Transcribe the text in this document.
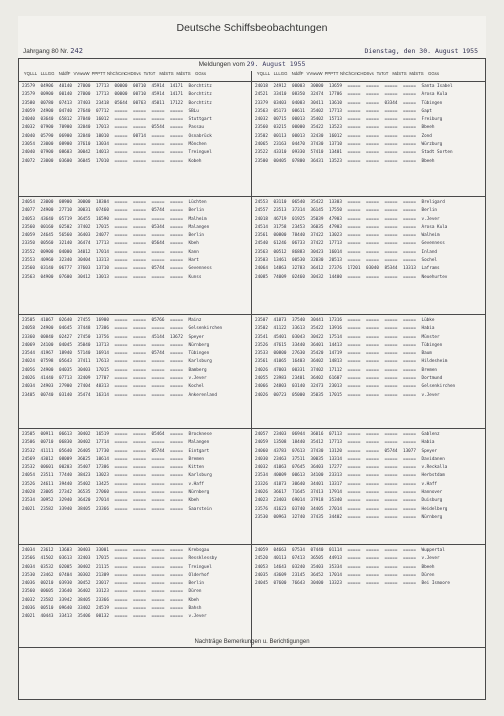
Deutsche Schiffsbeobachtungen
Jahrgang 80 Nr. 242	Dienstag, den 30. August 1955
Meldungen vom 29. August 1955
YQLLL LLLGG NddfF VVwwW PPPTT NhChCmCHDSvs ToToT MdSTS MdSTS GGss	YQLLL LLLGG NddfF VVwwW PPPTT NhChCmCHDSvs ToToT MdSTS MdSTS GGss
23579 04906 40140 27000 17713 00000 00710 45914 14171 Borchtitz
23579 00900 00140 27000 17713 00000 00710 45914 14171 Borchtitz
23580 00780 07413 37403 23418 05644 00763 45011 17122 Borchtitz
24059 24900 04740 27640 07712 ===== ===== ===== ===== SBLu
24040 03640 65812 37040 16012 ===== ===== ===== ===== Stuttgart
24032 07900 70900 32040 17013 ===== ===== 05544 ===== Passau
24040 05790 06900 32040 10010 ===== 00714 ===== ===== Osnabrück
23054 23000 08900 37610 13034 ===== ===== ===== ===== Mönchen
24040 07900 08603 30042 14013 ===== ===== ===== ===== Treinguel
24072 23000 03600 36045 17010 ===== ===== ===== ===== Kobeh
24054 23000 08900 30000 18304 ===== ===== ===== ===== Lüchten
24077 24900 27710 30031 07460 ===== ===== 05744 ===== Berlin
24053 43640 05719 36455 16590 ===== ===== ===== ===== Malheim
23560 00160 02502 37402 17015 ===== ===== 05344 ===== Malangen
24059 24645 56560 36403 24077 ===== ===== ===== ===== Berlin
23350 00560 32140 36474 17713 ===== ===== 05644 ===== Kbeh
23552 00900 04000 34012 17014 ===== ===== ===== ===== Kann
23553 40960 32340 30404 13313 ===== ===== ===== ===== Hart
23560 03140 06777 37603 13710 ===== ===== 05744 ===== Gevenness
23563 04900 07600 30412 13013 ===== ===== ===== ===== Kunss
23505 41067 02640 27455 16900 ===== ===== 05766 ===== Mainz
24058 24900 04645 37448 17306 ===== ===== ===== ===== Gelsenkirchen
23360 00840 02427 27450 13756 ===== ===== 45144 13672 Speyer
24069 24100 04045 35040 13713 ===== ===== ===== ===== Nürnberg
23544 41967 18940 57140 16914 ===== ===== 05744 ===== Tübingen
24024 07598 05643 37411 17613 ===== ===== ===== ===== Karlsburg
24056 24900 04035 30403 17015 ===== ===== ===== ===== Bamberg
24026 41440 07713 32409 17707 ===== ===== ===== ===== v.Jever
24034 24903 27900 27404 40313 ===== ===== ===== ===== Kochel
23405 00740 03140 35474 16314 ===== ===== ===== ===== Ankerenland
23505 00911 06613 30402 16519 ===== ===== 05464 ===== Brocknese
23506 00710 06830 30402 17714 ===== ===== ===== ===== Malangen
23532 41111 05640 26405 17730 ===== ===== 05744 ===== Eintgart
24569 43012 08009 36025 10614 ===== ===== ===== ===== Bremen
23532 00601 00203 35407 17306 ===== ===== ===== ===== Kitten
24054 23511 77440 38423 13023 ===== ===== ===== ===== Karlsburg
23526 24611 39440 35402 13425 ===== ===== ===== ===== v.Haff
24028 23005 27342 36535 27060 ===== ===== ===== ===== Nürnberg
23534 30952 32940 36420 27014 ===== ===== ===== ===== Kbeh
24021 23582 33940 38405 23366 ===== ===== ===== ===== Saarstein
24034 23612 13603 30403 33001 ===== ===== ===== ===== Krebsgau
23566 41502 03613 32403 17015 ===== ===== ===== ===== Ressklessby
24034 03532 02005 30402 21115 ===== ===== ===== ===== Treinguel
23530 23462 07404 30302 21309 ===== ===== ===== ===== Olderhof
24036 00210 03930 30452 23017 ===== ===== ===== ===== Berlin
23560 00605 23640 36402 33123 ===== ===== ===== ===== Düren
24032 23582 33942 38405 23366 ===== ===== ===== ===== Kbeh
24036 00510 09640 33402 24519 ===== ===== ===== ===== Bahsh
24021 40443 33413 35406 00132 ===== ===== ===== ===== v.Jever
24018 24912 00003 30000 13659 ===== ===== ===== ===== Santa Isabel
24521 33410 08350 32474 17706 ===== ===== ===== ===== Arosa Kula
23379 03403 04003 30411 13610 ===== ===== 03344 ===== Tübingen
23563 05173 08611 35402 17713 ===== ===== ===== ===== Gapt
24032 00715 00013 35402 15713 ===== ===== ===== ===== Freiburg
23560 03215 00000 35422 13523 ===== ===== ===== ===== Bbeeh
23502 00113 00013 32430 16012 ===== ===== ===== ===== Zond
24065 23163 04470 37430 13710 ===== ===== ===== ===== Würzburg
23522 43310 09330 57410 13401 ===== ===== ===== ===== Stadt Sorten
23500 00405 07800 36431 13523 ===== ===== ===== ===== Bbeeh
24553 03110 06540 35422 13303 ===== ===== ===== ===== Breligard
24557 23513 37314 36145 17550 ===== ===== ===== ===== Berlin
24018 46719 01925 35039 47903 ===== ===== ===== ===== v.Jever
24514 31758 23453 36035 47903 ===== ===== ===== ===== Arosa Kula
23561 00800 78440 37422 13023 ===== ===== ===== ===== Walheim
24540 61246 06733 37422 17713 ===== ===== ===== ===== Gevenness
23563 00512 86883 30423 16014 ===== ===== ===== ===== Inland
23503 13461 00530 32030 20513 ===== ===== ===== ===== Sochel
24064 14863 32783 36412 27376 17201 03040 85344 13313 Laframs
24085 74009 02460 30432 14400 ===== ===== ===== ===== Neuehurtev
23507 41073 37540 30441 17316 ===== ===== ===== ===== Lübke
23502 41122 33613 35422 13916 ===== ===== ===== ===== Habia
23541 45401 03043 30422 17514 ===== ===== ===== ===== Münster
23526 47615 33440 36401 14413 ===== ===== ===== ===== Tübingen
23533 00800 27630 35420 14719 ===== ===== ===== ===== Baum
23561 41065 16403 36402 14813 ===== ===== ===== ===== Hildesheim
24026 47003 00331 37402 17112 ===== ===== ===== ===== Bremen
24055 23983 23401 36402 61607 ===== ===== ===== ===== Dortmund
24066 24803 03140 32473 23013 ===== ===== ===== ===== Gelsenkirchen
24026 00723 05000 35035 17015 ===== ===== ===== ===== v.Jever
24057 23403 06944 36016 07113 ===== ===== ===== ===== Gablenz
24059 13508 18440 35412 17713 ===== ===== ===== ===== Habia
24060 43783 07613 37430 13120 ===== ===== 05744 13077 Speyer
24030 23463 37511 30035 13314 ===== ===== ===== ===== Davidanen
24032 41063 07645 36403 17277 ===== ===== ===== ===== v.Reckalla
23534 40009 00613 34100 23313 ===== ===== ===== ===== Herbstdam
23326 41073 30640 34401 13317 ===== ===== ===== ===== v.Haff
24026 36617 71645 37413 17914 ===== ===== ===== ===== Hannover
24023 23403 69014 37918 35340 ===== ===== ===== ===== Duisburg
23576 41623 03740 34405 27014 ===== ===== ===== ===== Heidelberg
23530 00963 32740 37435 34402 ===== ===== ===== ===== Nürnberg
24059 04663 07534 07440 01114 ===== ===== ===== ===== Wuppertal
24520 40113 07413 36505 44913 ===== ===== ===== ===== v.Jever
24053 14643 03240 35403 35334 ===== ===== ===== ===== Bbeeh
24035 43609 23145 36452 17014 ===== ===== ===== ===== Düren
24045 07600 76643 30400 13323 ===== ===== ===== ===== Bei Ismoore
Nachträge Bemerkungen u. Berichtigungen
